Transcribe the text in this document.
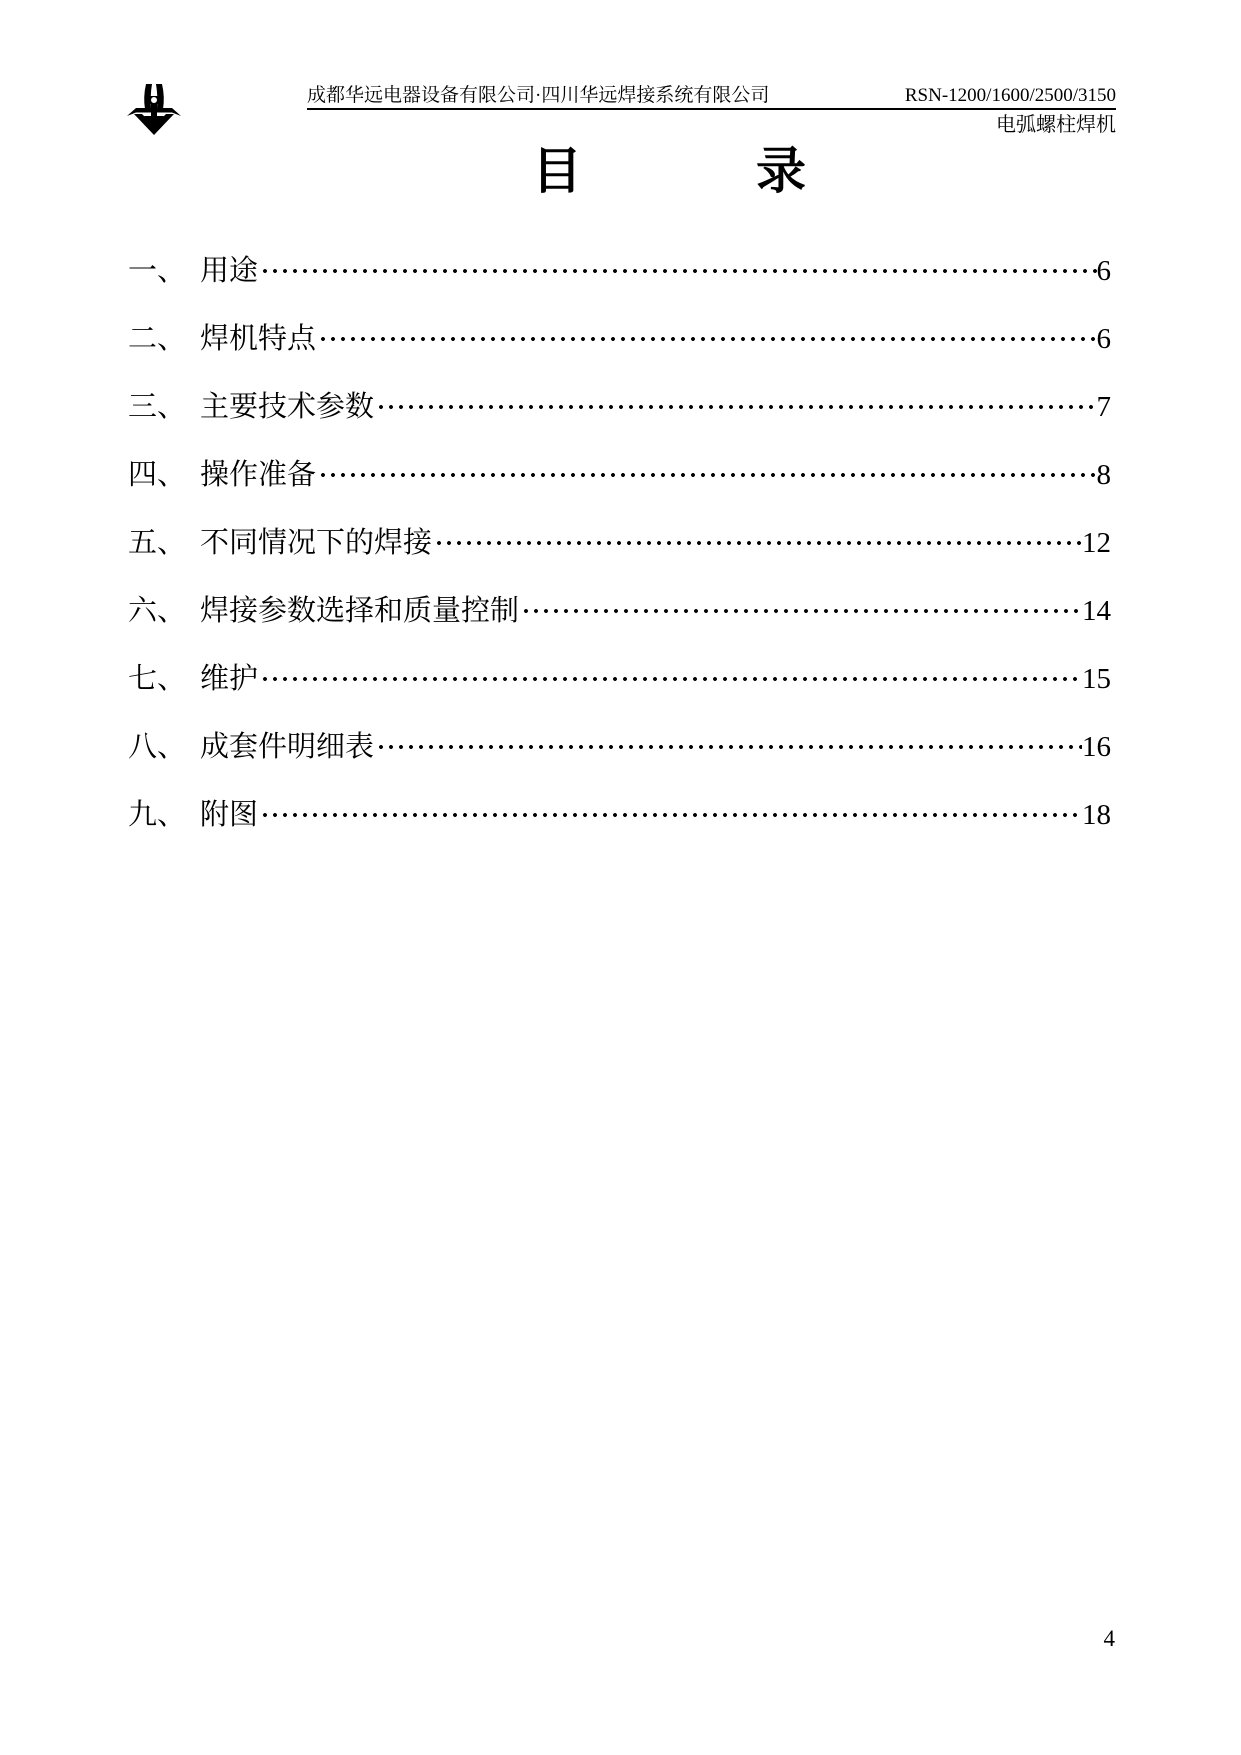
成都华远电器设备有限公司·四川华远焊接系统有限公司	RSN-1200/1600/2500/3150
电弧螺柱焊机
目　　　录
一、 用途	6
二、 焊机特点	6
三、 主要技术参数	7
四、 操作准备	8
五、 不同情况下的焊接	12
六、 焊接参数选择和质量控制	14
七、 维护	15
八、 成套件明细表	16
九、 附图	18
4
